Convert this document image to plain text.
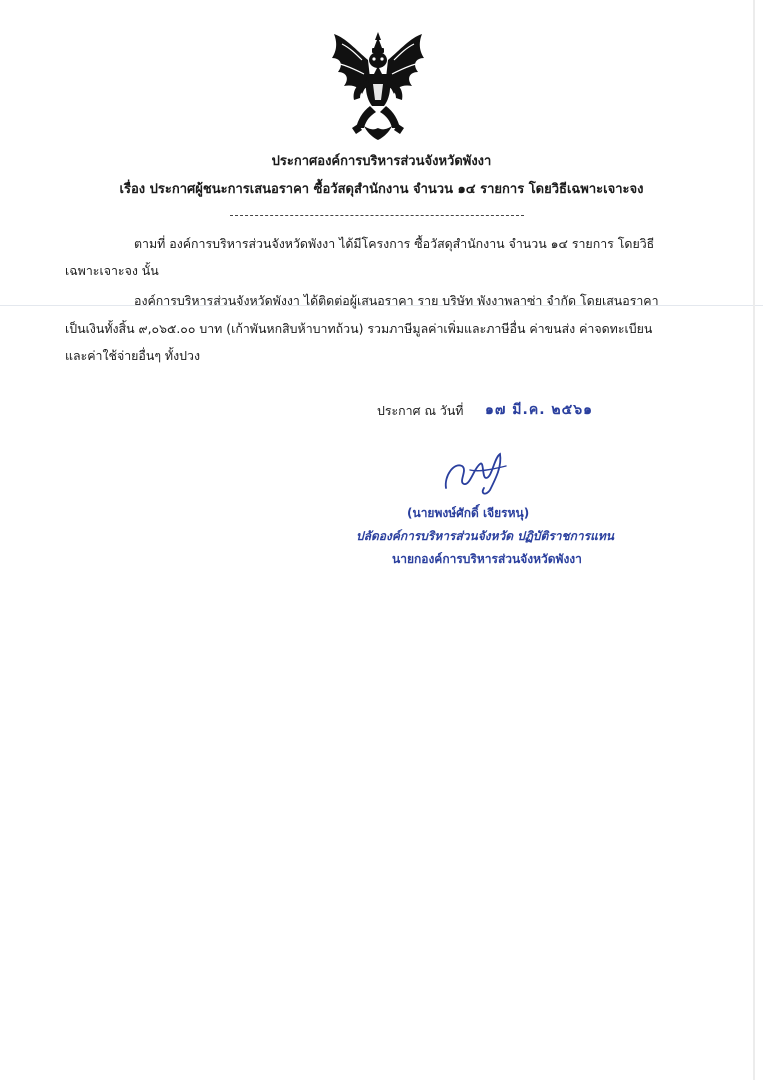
ประกาศองค์การบริหารส่วนจังหวัดพังงา
เรื่อง ประกาศผู้ชนะการเสนอราคา ซื้อวัสดุสำนักงาน จำนวน ๑๔ รายการ โดยวิธีเฉพาะเจาะจง
ตามที่ องค์การบริหารส่วนจังหวัดพังงา ได้มีโครงการ ซื้อวัสดุสำนักงาน จำนวน ๑๔ รายการ โดยวิธี
เฉพาะเจาะจง นั้น
องค์การบริหารส่วนจังหวัดพังงา ได้ติดต่อผู้เสนอราคา ราย บริษัท พังงาพลาซ่า จำกัด โดยเสนอราคา
เป็นเงินทั้งสิ้น ๙,๐๖๕.๐๐ บาท (เก้าพันหกสิบห้าบาทถ้วน) รวมภาษีมูลค่าเพิ่มและภาษีอื่น ค่าขนส่ง ค่าจดทะเบียน
และค่าใช้จ่ายอื่นๆ ทั้งปวง
ประกาศ ณ วันที่ ๑๗ มี.ค. ๒๕๖๑
(นายพงษ์ศักดิ์ เจียรหนุ)
ปลัดองค์การบริหารส่วนจังหวัด ปฏิบัติราชการแทน
นายกองค์การบริหารส่วนจังหวัดพังงา
